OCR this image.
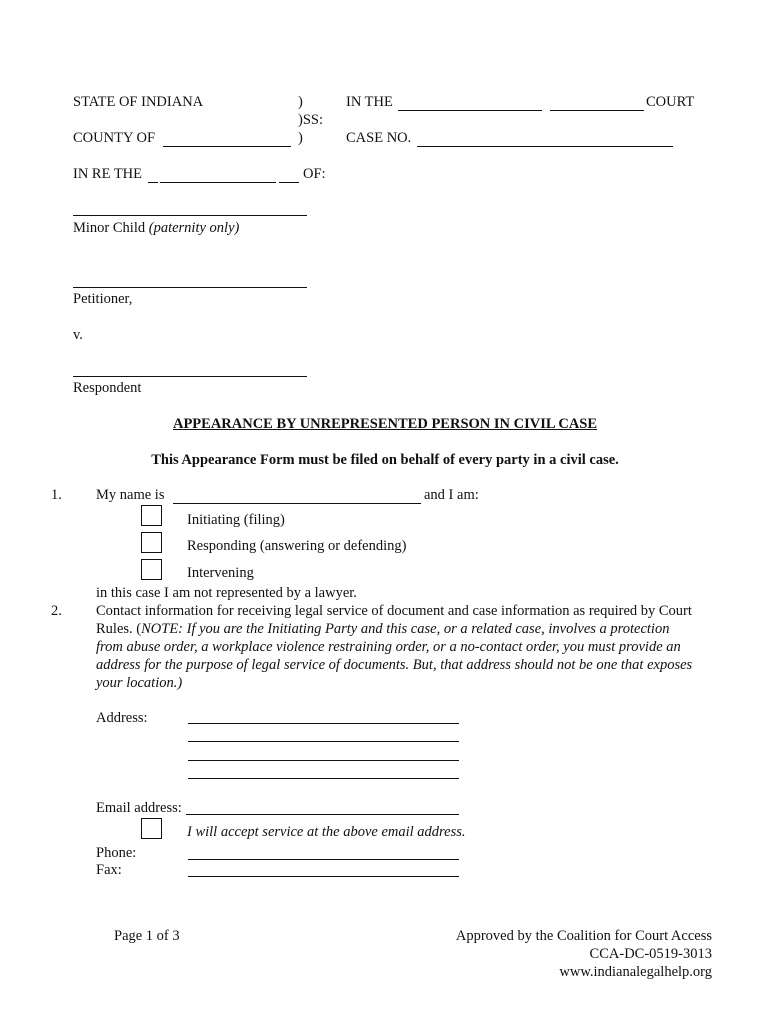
STATE OF INDIANA	)
)SS:
COUNTY OF	)
IN THE	COURT
CASE NO.
IN RE THE	OF:
Minor Child (paternity only)
Petitioner,
v.
Respondent
APPEARANCE BY UNREPRESENTED PERSON IN CIVIL CASE
This Appearance Form must be filed on behalf of every party in a civil case.
1. My name is	and I am:
Initiating (filing)
Responding (answering or defending)
Intervening
in this case I am not represented by a lawyer.
2. Contact information for receiving legal service of document and case information as required by Court
Rules. (NOTE: If you are the Initiating Party and this case, or a related case, involves a protection
from abuse order, a workplace violence restraining order, or a no-contact order, you must provide an
address for the purpose of legal service of documents. But, that address should not be one that exposes
your location.)
Address:
Email address:
I will accept service at the above email address.
Phone:
Fax:
Page 1 of 3	Approved by the Coalition for Court Access
CCA-DC-0519-3013
www.indianalegalhelp.org
